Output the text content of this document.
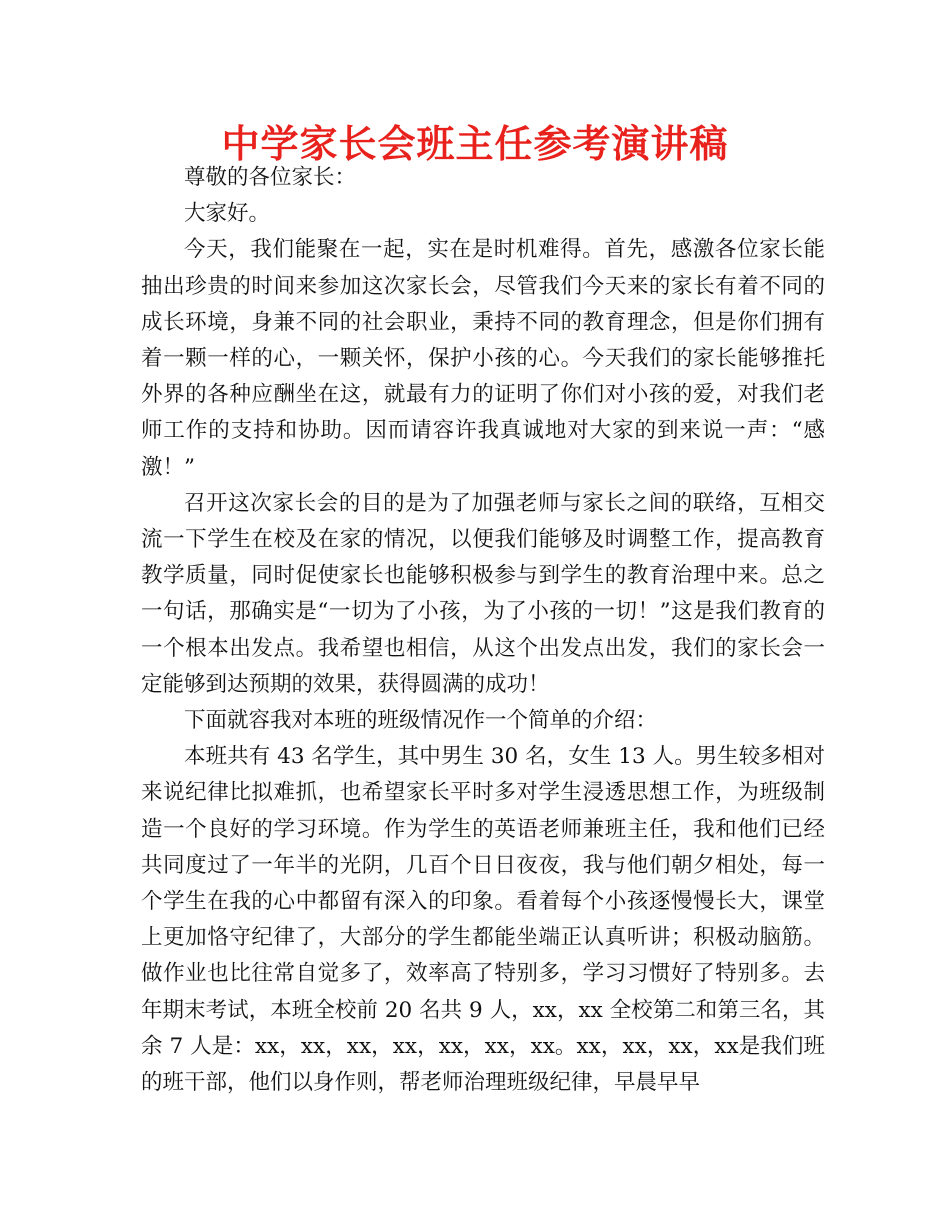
中学家长会班主任参考演讲稿

尊敬的各位家长：

大家好。

今天，我们能聚在一起，实在是时机难得。首先，感激各位家长能抽出珍贵的时间来参加这次家长会，尽管我们今天来的家长有着不同的成长环境，身兼不同的社会职业，秉持不同的教育理念，但是你们拥有着一颗一样的心，一颗关怀，保护小孩的心。今天我们的家长能够推托外界的各种应酬坐在这，就最有力的证明了你们对小孩的爱，对我们老师工作的支持和协助。因而请容许我真诚地对大家的到来说一声：“感激！”

召开这次家长会的目的是为了加强老师与家长之间的联络，互相交流一下学生在校及在家的情况，以便我们能够及时调整工作，提高教育教学质量，同时促使家长也能够积极参与到学生的教育治理中来。总之一句话，那确实是“一切为了小孩，为了小孩的一切！”这是我们教育的一个根本出发点。我希望也相信，从这个出发点出发，我们的家长会一定能够到达预期的效果，获得圆满的成功！

下面就容我对本班的班级情况作一个简单的介绍：

本班共有 43 名学生，其中男生 30 名，女生 13 人。男生较多相对来说纪律比拟难抓，也希望家长平时多对学生浸透思想工作，为班级制造一个良好的学习环境。作为学生的英语老师兼班主任，我和他们已经共同度过了一年半的光阴，几百个日日夜夜，我与他们朝夕相处，每一个学生在我的心中都留有深入的印象。看着每个小孩逐慢慢长大，课堂上更加恪守纪律了，大部分的学生都能坐端正认真听讲；积极动脑筋。做作业也比往常自觉多了，效率高了特别多，学习习惯好了特别多。去年期末考试，本班全校前 20 名共 9 人，xx，xx 全校第二和第三名，其余 7 人是：xx，xx，xx，xx，xx，xx，xx。xx，xx，xx，xx是我们班的班干部，他们以身作则，帮老师治理班级纪律，早晨早早
